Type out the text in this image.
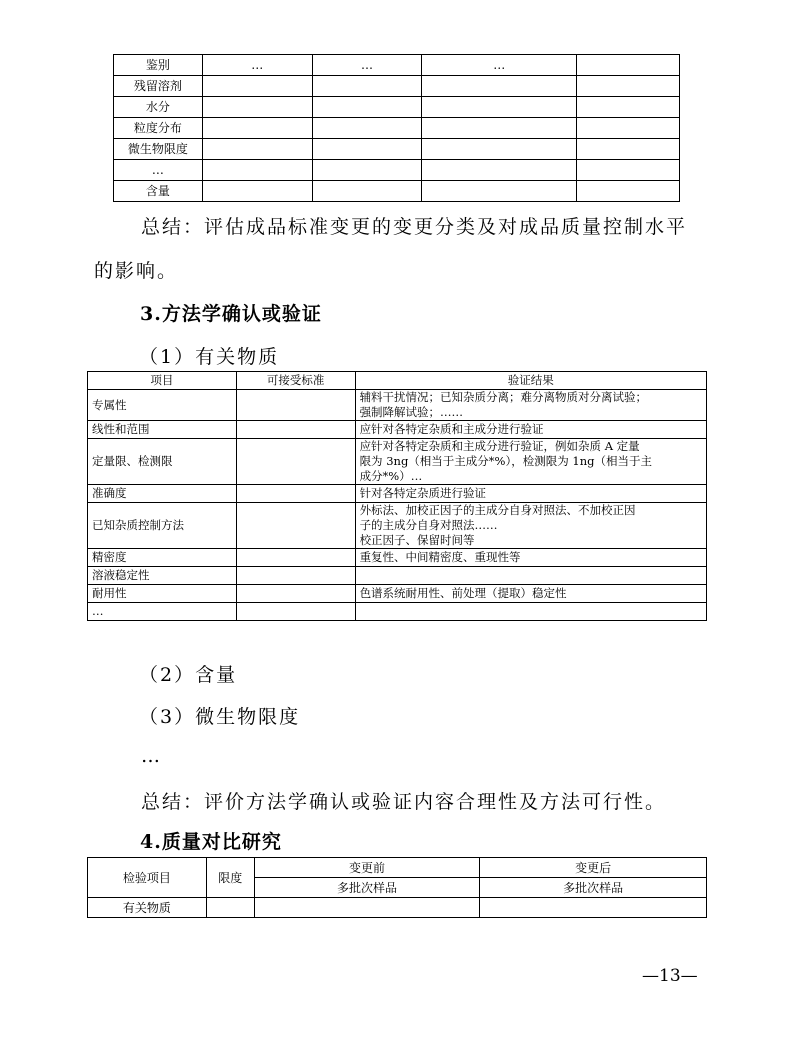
鉴别	…	…	…	
残留溶剂				
水分				
粒度分布				
微生物限度				
…				
含量				
总结：评估成品标准变更的变更分类及对成品质量控制水平
的影响。
3.方法学确认或验证
（1）有关物质
项目	可接受标准	验证结果
专属性		辅料干扰情况；已知杂质分离；难分离物质对分离试验；
强制降解试验；……
线性和范围		应针对各特定杂质和主成分进行验证
定量限、检测限		应针对各特定杂质和主成分进行验证，例如杂质 A 定量
限为 3ng（相当于主成分*%），检测限为 1ng（相当于主
成分*%）…
准确度		针对各特定杂质进行验证
已知杂质控制方法		外标法、加校正因子的主成分自身对照法、不加校正因
子的主成分自身对照法……
校正因子、保留时间等
精密度		重复性、中间精密度、重现性等
溶液稳定性		
耐用性		色谱系统耐用性、前处理（提取）稳定性
…		
（2）含量
（3）微生物限度
…
总结：评价方法学确认或验证内容合理性及方法可行性。
4.质量对比研究
检验项目	限度	变更前	变更后
		多批次样品	多批次样品
有关物质			
—13—
